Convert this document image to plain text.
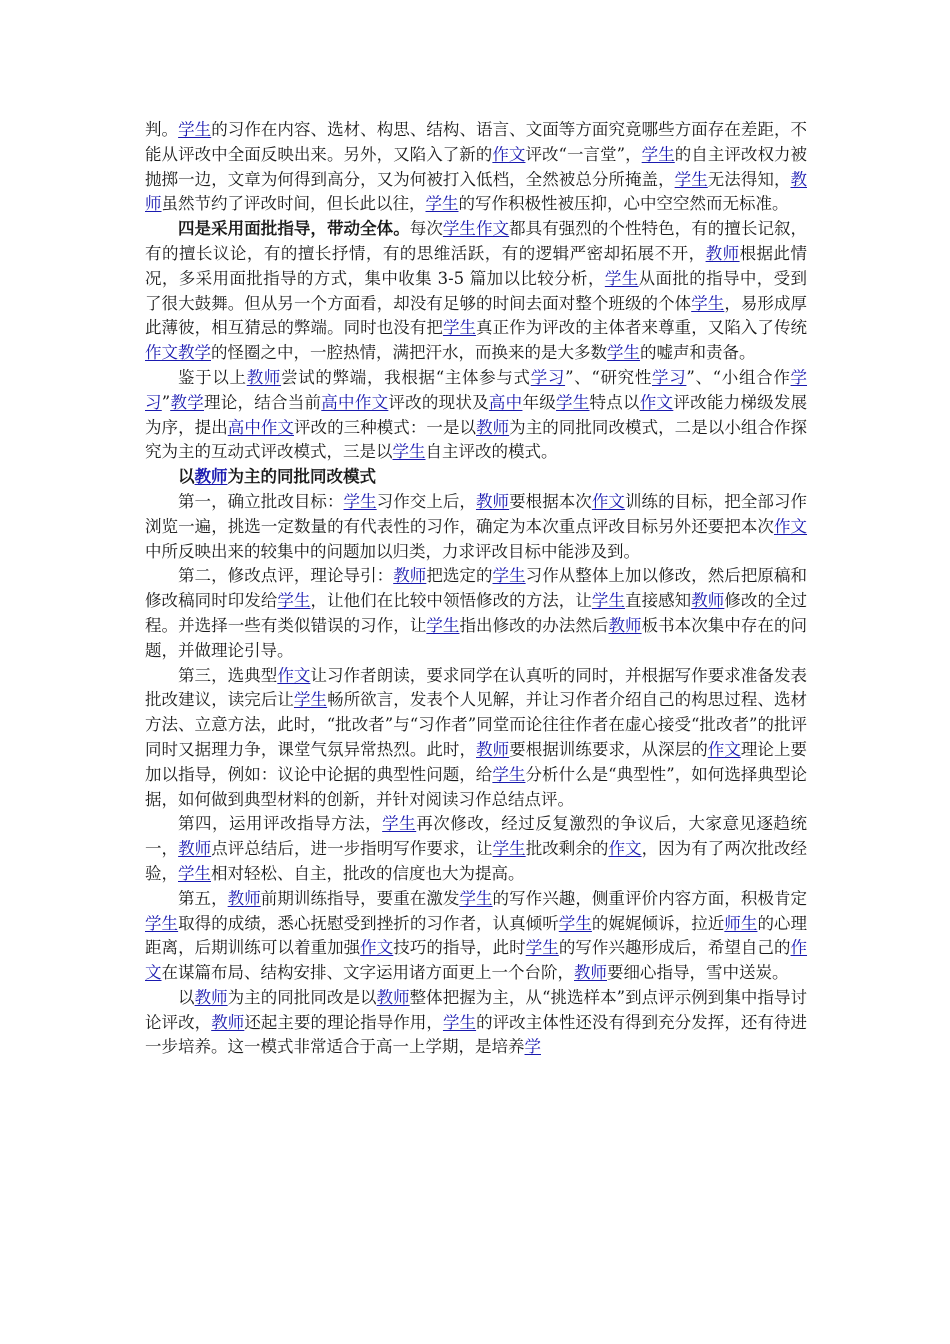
判。学生的习作在内容、选材、构思、结构、语言、文面等方面究竟哪些方面存在差距，不能从评改中全面反映出来。另外，又陷入了新的作文评改“一言堂”，学生的自主评改权力被抛掷一边，文章为何得到高分，又为何被打入低档，全然被总分所掩盖，学生无法得知，教师虽然节约了评改时间，但长此以往，学生的写作积极性被压抑，心中空空然而无标准。

四是采用面批指导，带动全体。每次学生作文都具有强烈的个性特色，有的擅长记叙，有的擅长议论，有的擅长抒情，有的思维活跃，有的逻辑严密却拓展不开，教师根据此情况，多采用面批指导的方式，集中收集 3-5 篇加以比较分析，学生从面批的指导中，受到了很大鼓舞。但从另一个方面看，却没有足够的时间去面对整个班级的个体学生，易形成厚此薄彼，相互猜忌的弊端。同时也没有把学生真正作为评改的主体者来尊重，又陷入了传统作文教学的怪圈之中，一腔热情，满把汗水，而换来的是大多数学生的嘘声和责备。

鉴于以上教师尝试的弊端，我根据“主体参与式学习”、“研究性学习”、“小组合作学习”教学理论，结合当前高中作文评改的现状及高中年级学生特点以作文评改能力梯级发展为序，提出高中作文评改的三种模式：一是以教师为主的同批同改模式，二是以小组合作探究为主的互动式评改模式，三是以学生自主评改的模式。

以教师为主的同批同改模式

第一，确立批改目标：学生习作交上后，教师要根据本次作文训练的目标，把全部习作浏览一遍，挑选一定数量的有代表性的习作，确定为本次重点评改目标另外还要把本次作文中所反映出来的较集中的问题加以归类，力求评改目标中能涉及到。

第二，修改点评，理论导引：教师把选定的学生习作从整体上加以修改，然后把原稿和修改稿同时印发给学生，让他们在比较中领悟修改的方法，让学生直接感知教师修改的全过程。并选择一些有类似错误的习作，让学生指出修改的办法然后教师板书本次集中存在的问题，并做理论引导。

第三，选典型作文让习作者朗读，要求同学在认真听的同时，并根据写作要求准备发表批改建议，读完后让学生畅所欲言，发表个人见解，并让习作者介绍自己的构思过程、选材方法、立意方法，此时，“批改者”与“习作者”同堂而论往往作者在虚心接受“批改者”的批评同时又据理力争，课堂气氛异常热烈。此时，教师要根据训练要求，从深层的作文理论上要加以指导，例如：议论中论据的典型性问题，给学生分析什么是“典型性”，如何选择典型论据，如何做到典型材料的创新，并针对阅读习作总结点评。

第四，运用评改指导方法，学生再次修改，经过反复激烈的争议后，大家意见逐趋统一，教师点评总结后，进一步指明写作要求，让学生批改剩余的作文，因为有了两次批改经验，学生相对轻松、自主，批改的信度也大为提高。

第五，教师前期训练指导，要重在激发学生的写作兴趣，侧重评价内容方面，积极肯定学生取得的成绩，悉心抚慰受到挫折的习作者，认真倾听学生的娓娓倾诉，拉近师生的心理距离，后期训练可以着重加强作文技巧的指导，此时学生的写作兴趣形成后，希望自己的作文在谋篇布局、结构安排、文字运用诸方面更上一个台阶，教师要细心指导，雪中送炭。

以教师为主的同批同改是以教师整体把握为主，从“挑选样本”到点评示例到集中指导讨论评改，教师还起主要的理论指导作用，学生的评改主体性还没有得到充分发挥，还有待进一步培养。这一模式非常适合于高一上学期，是培养学
